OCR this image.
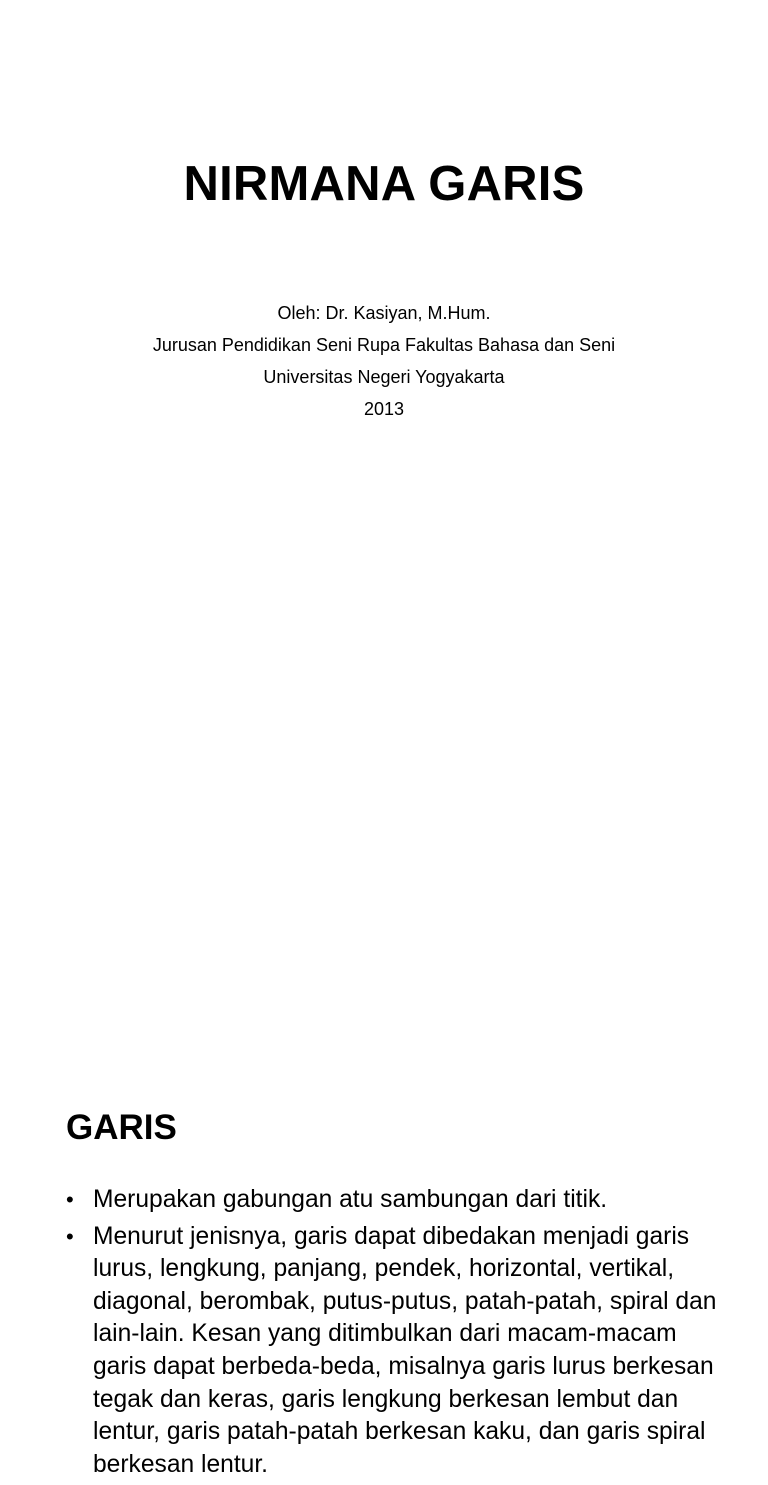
NIRMANA GARIS
Oleh: Dr. Kasiyan, M.Hum.
Jurusan Pendidikan Seni Rupa Fakultas Bahasa dan Seni
Universitas Negeri Yogyakarta
2013
GARIS
• Merupakan gabungan atu sambungan dari titik.
• Menurut jenisnya, garis dapat dibedakan menjadi garis lurus, lengkung, panjang, pendek, horizontal, vertikal, diagonal, berombak, putus-putus, patah-patah, spiral dan lain-lain. Kesan yang ditimbulkan dari macam-macam garis dapat berbeda-beda, misalnya garis lurus berkesan tegak dan keras, garis lengkung berkesan lembut dan lentur, garis patah-patah berkesan kaku, dan garis spiral berkesan lentur.
